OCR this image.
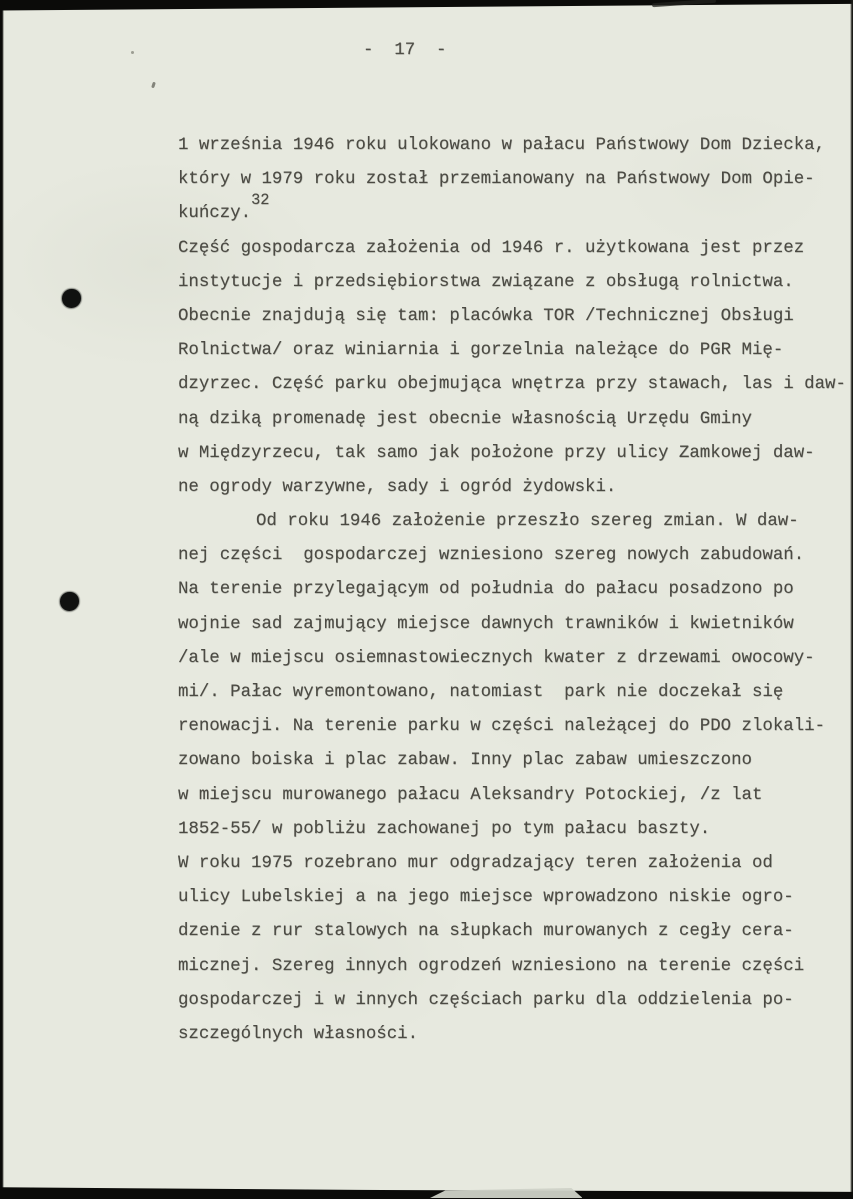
-  17  -
1 września 1946 roku ulokowano w pałacu Państwowy Dom Dziecka,
który w 1979 roku został przemianowany na Państwowy Dom Opie-
kuńczy.$^{32}$
Część gospodarcza założenia od 1946 r. użytkowana jest przez
instytucje i przedsiębiorstwa związane z obsługą rolnictwa.
Obecnie znajdują się tam: placówka TOR /Technicznej Obsługi
Rolnictwa/ oraz winiarnia i gorzelnia należące do PGR Mię-
dzyrzec. Część parku obejmująca wnętrza przy stawach, las i daw-
ną dziką promenadę jest obecnie własnością Urzędu Gminy
w Międzyrzecu, tak samo jak położone przy ulicy Zamkowej daw-
ne ogrody warzywne, sady i ogród żydowski.
Od roku 1946 założenie przeszło szereg zmian. W daw-
nej części  gospodarczej wzniesiono szereg nowych zabudowań.
Na terenie przylegającym od południa do pałacu posadzono po
wojnie sad zajmujący miejsce dawnych trawników i kwietników
/ale w miejscu osiemnastowiecznych kwater z drzewami owocowy-
mi/. Pałac wyremontowano, natomiast  park nie doczekał się
renowacji. Na terenie parku w części należącej do PDO zlokali-
zowano boiska i plac zabaw. Inny plac zabaw umieszczono
w miejscu murowanego pałacu Aleksandry Potockiej, /z lat
1852-55/ w pobliżu zachowanej po tym pałacu baszty.
W roku 1975 rozebrano mur odgradzający teren założenia od
ulicy Lubelskiej a na jego miejsce wprowadzono niskie ogro-
dzenie z rur stalowych na słupkach murowanych z cegły cera-
micznej. Szereg innych ogrodzeń wzniesiono na terenie części
gospodarczej i w innych częściach parku dla oddzielenia po-
szczególnych własności.
